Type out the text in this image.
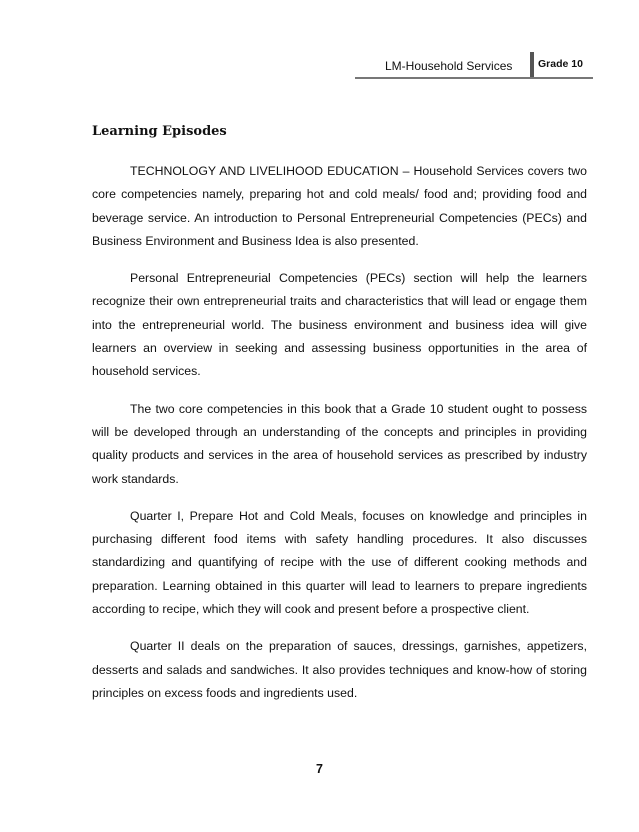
LM-Household Services Grade 10
Learning Episodes

TECHNOLOGY AND LIVELIHOOD EDUCATION – Household Services covers two core competencies namely, preparing hot and cold meals/ food and; providing food and beverage service. An introduction to Personal Entrepreneurial Competencies (PECs) and Business Environment and Business Idea is also presented.

Personal Entrepreneurial Competencies (PECs) section will help the learners recognize their own entrepreneurial traits and characteristics that will lead or engage them into the entrepreneurial world. The business environment and business idea will give learners an overview in seeking and assessing business opportunities in the area of household services.

The two core competencies in this book that a Grade 10 student ought to possess will be developed through an understanding of the concepts and principles in providing quality products and services in the area of household services as prescribed by industry work standards.

Quarter I, Prepare Hot and Cold Meals, focuses on knowledge and principles in purchasing different food items with safety handling procedures. It also discusses standardizing and quantifying of recipe with the use of different cooking methods and preparation. Learning obtained in this quarter will lead to learners to prepare ingredients according to recipe, which they will cook and present before a prospective client.

Quarter II deals on the preparation of sauces, dressings, garnishes, appetizers, desserts and salads and sandwiches. It also provides techniques and know-how of storing principles on excess foods and ingredients used.

7
